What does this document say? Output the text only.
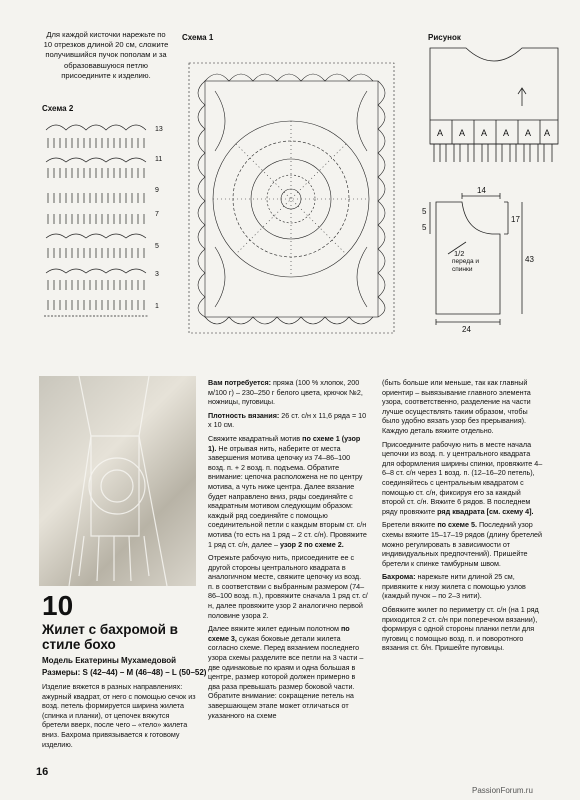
Для каждой кисточки нарежьте по 10 отрезков длиной 20 см, сложите получившийся пучок пополам и за образовавшуюся петлю присоедините к изделию.
Схема 2
13
11
9
7
5
3
1
Схема 1	Рисунок
A A A A A A
14
5
5
17
43
24
1/2
переда и спинки
10
Жилет с бахромой в стиле бохо
Модель Екатерины Мухамедовой
Размеры: S (42–44) – M (46–48) – L (50–52)
Изделие вяжется в разных направлениях: ажурный квадрат, от него с помощью сечок из возд. петель формируется ширина жилета (спинка и планки), от цепочек вяжутся бретели вверх, после чего – «тело» жилета вниз. Бахрома привязывается к готовому изделию.

Вам потребуется: пряжа (100 % хлопок, 200 м/100 г) – 230–250 г белого цвета, крючок №2, ножницы, пуговицы.

Плотность вязания: 26 ст. с/н х 11,6 ряда = 10 х 10 см.

Свяжите квадратный мотив по схеме 1 (узор 1). Не отрывая нить, наберите от места завершения мотива цепочку из 74–86–100 возд. п. + 2 возд. п. подъема. Обратите внимание: цепочка расположена не по центру мотива, а чуть ниже центра. Далее вязание будет направлено вниз, ряды соединяйте с квадратным мотивом следующим образом: каждый ряд соединяйте с помощью соединительной петли с каждым вторым ст. с/н мотива (то есть на 1 ряд – 2 ст. с/н). Провяжите 1 ряд ст. с/н, далее – узор 2 по схеме 2.

Отрежьте рабочую нить, присоедините ее с другой стороны центрального квадрата в аналогичном месте, свяжите цепочку из возд. п. в соответствии с выбранным размером (74–86–100 возд. п.), провяжите сначала 1 ряд ст. с/н, далее провяжите узор 2 аналогично первой половине узора 2.

Далее вяжите жилет единым полотном по схеме 3, сужая боковые детали жилета согласно схеме. Перед вязанием последнего узора схемы разделите все петли на 3 части – две одинаковые по краям и одна большая в центре, размер которой должен примерно в два раза превышать размер боковой части. Обратите внимание: сокращение петель на завершающем этапе может отличаться от указанного на схеме

(быть больше или меньше, так как главный ориентир – вывязывание главного элемента узора, соответственно, разделение на части лучше осуществлять таким образом, чтобы было удобно вязать узор без прерывания). Каждую деталь вяжите отдельно.

Присоедините рабочую нить в месте начала цепочки из возд. п. у центрального квадрата для оформления ширины спинки, провяжите 4–6–8 ст. с/н через 1 возд. п. (12–16–20 петель), соединяйтесь с центральным квадратом с помощью ст. с/н, фиксируя его за каждый второй ст. с/н. Вяжите 6 рядов. В последнем ряду провяжите ряд квадрата [см. схему 4].

Бретели вяжите по схеме 5. Последний узор схемы вяжите 15–17–19 рядов (длину бретелей можно регулировать в зависимости от индивидуальных предпочтений). Пришейте бретели к спинке тамбурным швом.

Бахрома: нарежьте нити длиной 25 см, привяжите к низу жилета с помощью узлов (каждый пучок – по 2–3 нити).

Обвяжите жилет по периметру ст. с/н (на 1 ряд приходится 2 ст. с/н при поперечном вязании), формируя с одной стороны планки петли для пуговиц с помощью возд. п. и поворотного вязания ст. б/н. Пришейте пуговицы.

16
PassionForum.ru
